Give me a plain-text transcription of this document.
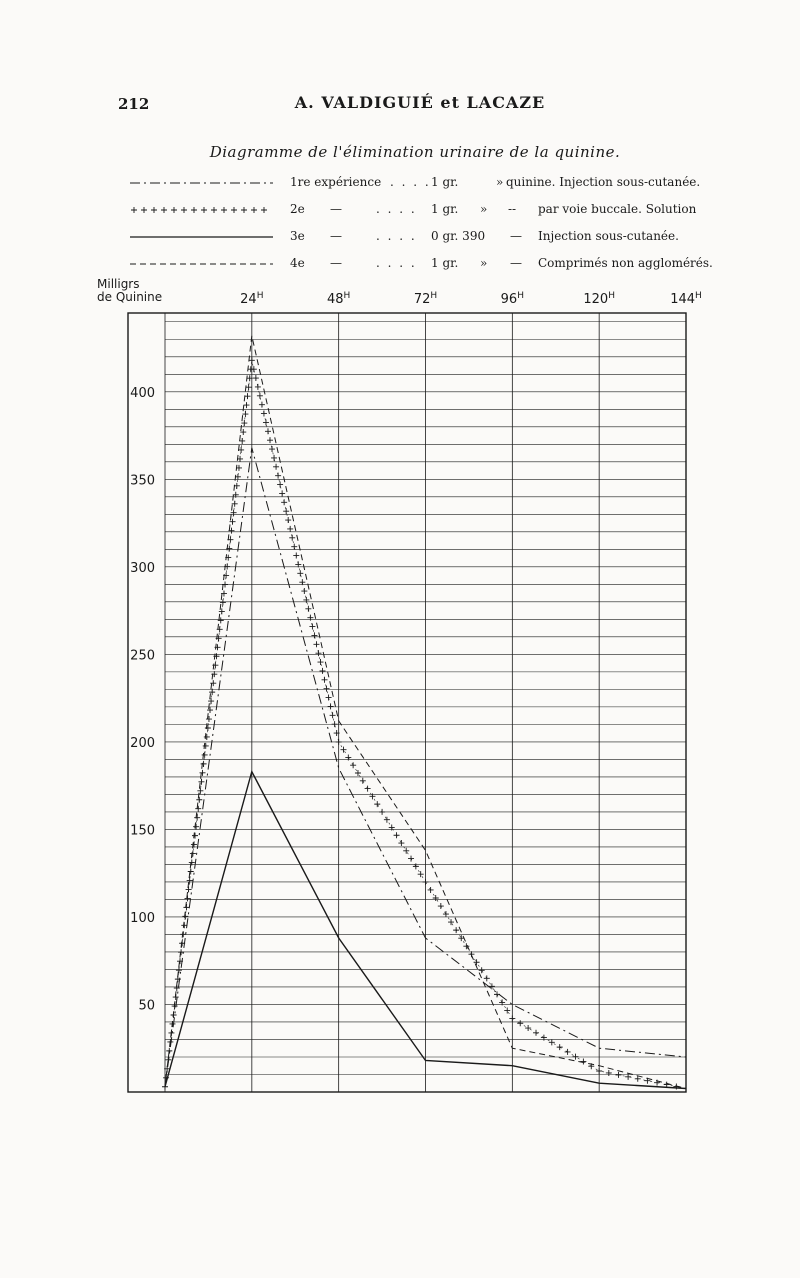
212	A. VALDIGUIÉ et LACAZE
Diagramme de l'élimination urinaire de la quinine.
1re expérience . . . . 1 gr.	» quinine. Injection sous-cutanée.
2e —	. . . . 1 gr. » -- par voie buccale. Solution
3e —	. . . . 0 gr. 390 — Injection sous-cutanée.
4e —	. . . . 1 gr. » — Comprimés non agglomérés.
Milligrs
de Quinine
50
100
150
200
250
300
350
400
$24^H$	$48^H$	$72^H$	$96^H$	$120^H$	$144^H$
